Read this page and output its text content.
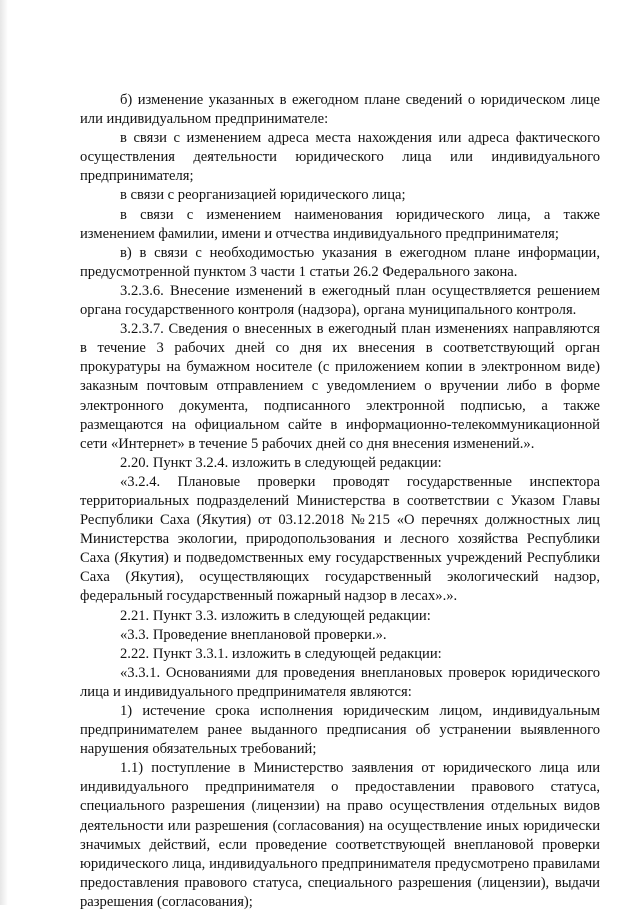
б) изменение указанных в ежегодном плане сведений о юридическом лице или индивидуальном предпринимателе:

в связи с изменением адреса места нахождения или адреса фактического осуществления деятельности юридического лица или индивидуального предпринимателя;

в связи с реорганизацией юридического лица;

в связи с изменением наименования юридического лица, а также изменением фамилии, имени и отчества индивидуального предпринимателя;

в) в связи с необходимостью указания в ежегодном плане информации, предусмотренной пунктом 3 части 1 статьи 26.2 Федерального закона.

3.2.3.6. Внесение изменений в ежегодный план осуществляется решением органа государственного контроля (надзора), органа муниципального контроля.

3.2.3.7. Сведения о внесенных в ежегодный план изменениях направляются в течение 3 рабочих дней со дня их внесения в соответствующий орган прокуратуры на бумажном носителе (с приложением копии в электронном виде) заказным почтовым отправлением с уведомлением о вручении либо в форме электронного документа, подписанного электронной подписью, а также размещаются на официальном сайте в информационно-телекоммуникационной сети «Интернет» в течение 5 рабочих дней со дня внесения изменений.».

2.20. Пункт 3.2.4. изложить в следующей редакции:

«3.2.4. Плановые проверки проводят государственные инспектора территориальных подразделений Министерства в соответствии с Указом Главы Республики Саха (Якутия) от 03.12.2018 №215 «О перечнях должностных лиц Министерства экологии, природопользования и лесного хозяйства Республики Саха (Якутия) и подведомственных ему государственных учреждений Республики Саха (Якутия), осуществляющих государственный экологический надзор, федеральный государственный пожарный надзор в лесах».».

2.21. Пункт 3.3. изложить в следующей редакции:

«3.3. Проведение внеплановой проверки.».

2.22. Пункт 3.3.1. изложить в следующей редакции:

«3.3.1. Основаниями для проведения внеплановых проверок юридического лица и индивидуального предпринимателя являются:

1) истечение срока исполнения юридическим лицом, индивидуальным предпринимателем ранее выданного предписания об устранении выявленного нарушения обязательных требований;

1.1) поступление в Министерство заявления от юридического лица или индивидуального предпринимателя о предоставлении правового статуса, специального разрешения (лицензии) на право осуществления отдельных видов деятельности или разрешения (согласования) на осуществление иных юридически значимых действий, если проведение соответствующей внеплановой проверки юридического лица, индивидуального предпринимателя предусмотрено правилами предоставления правового статуса, специального разрешения (лицензии), выдачи разрешения (согласования);
